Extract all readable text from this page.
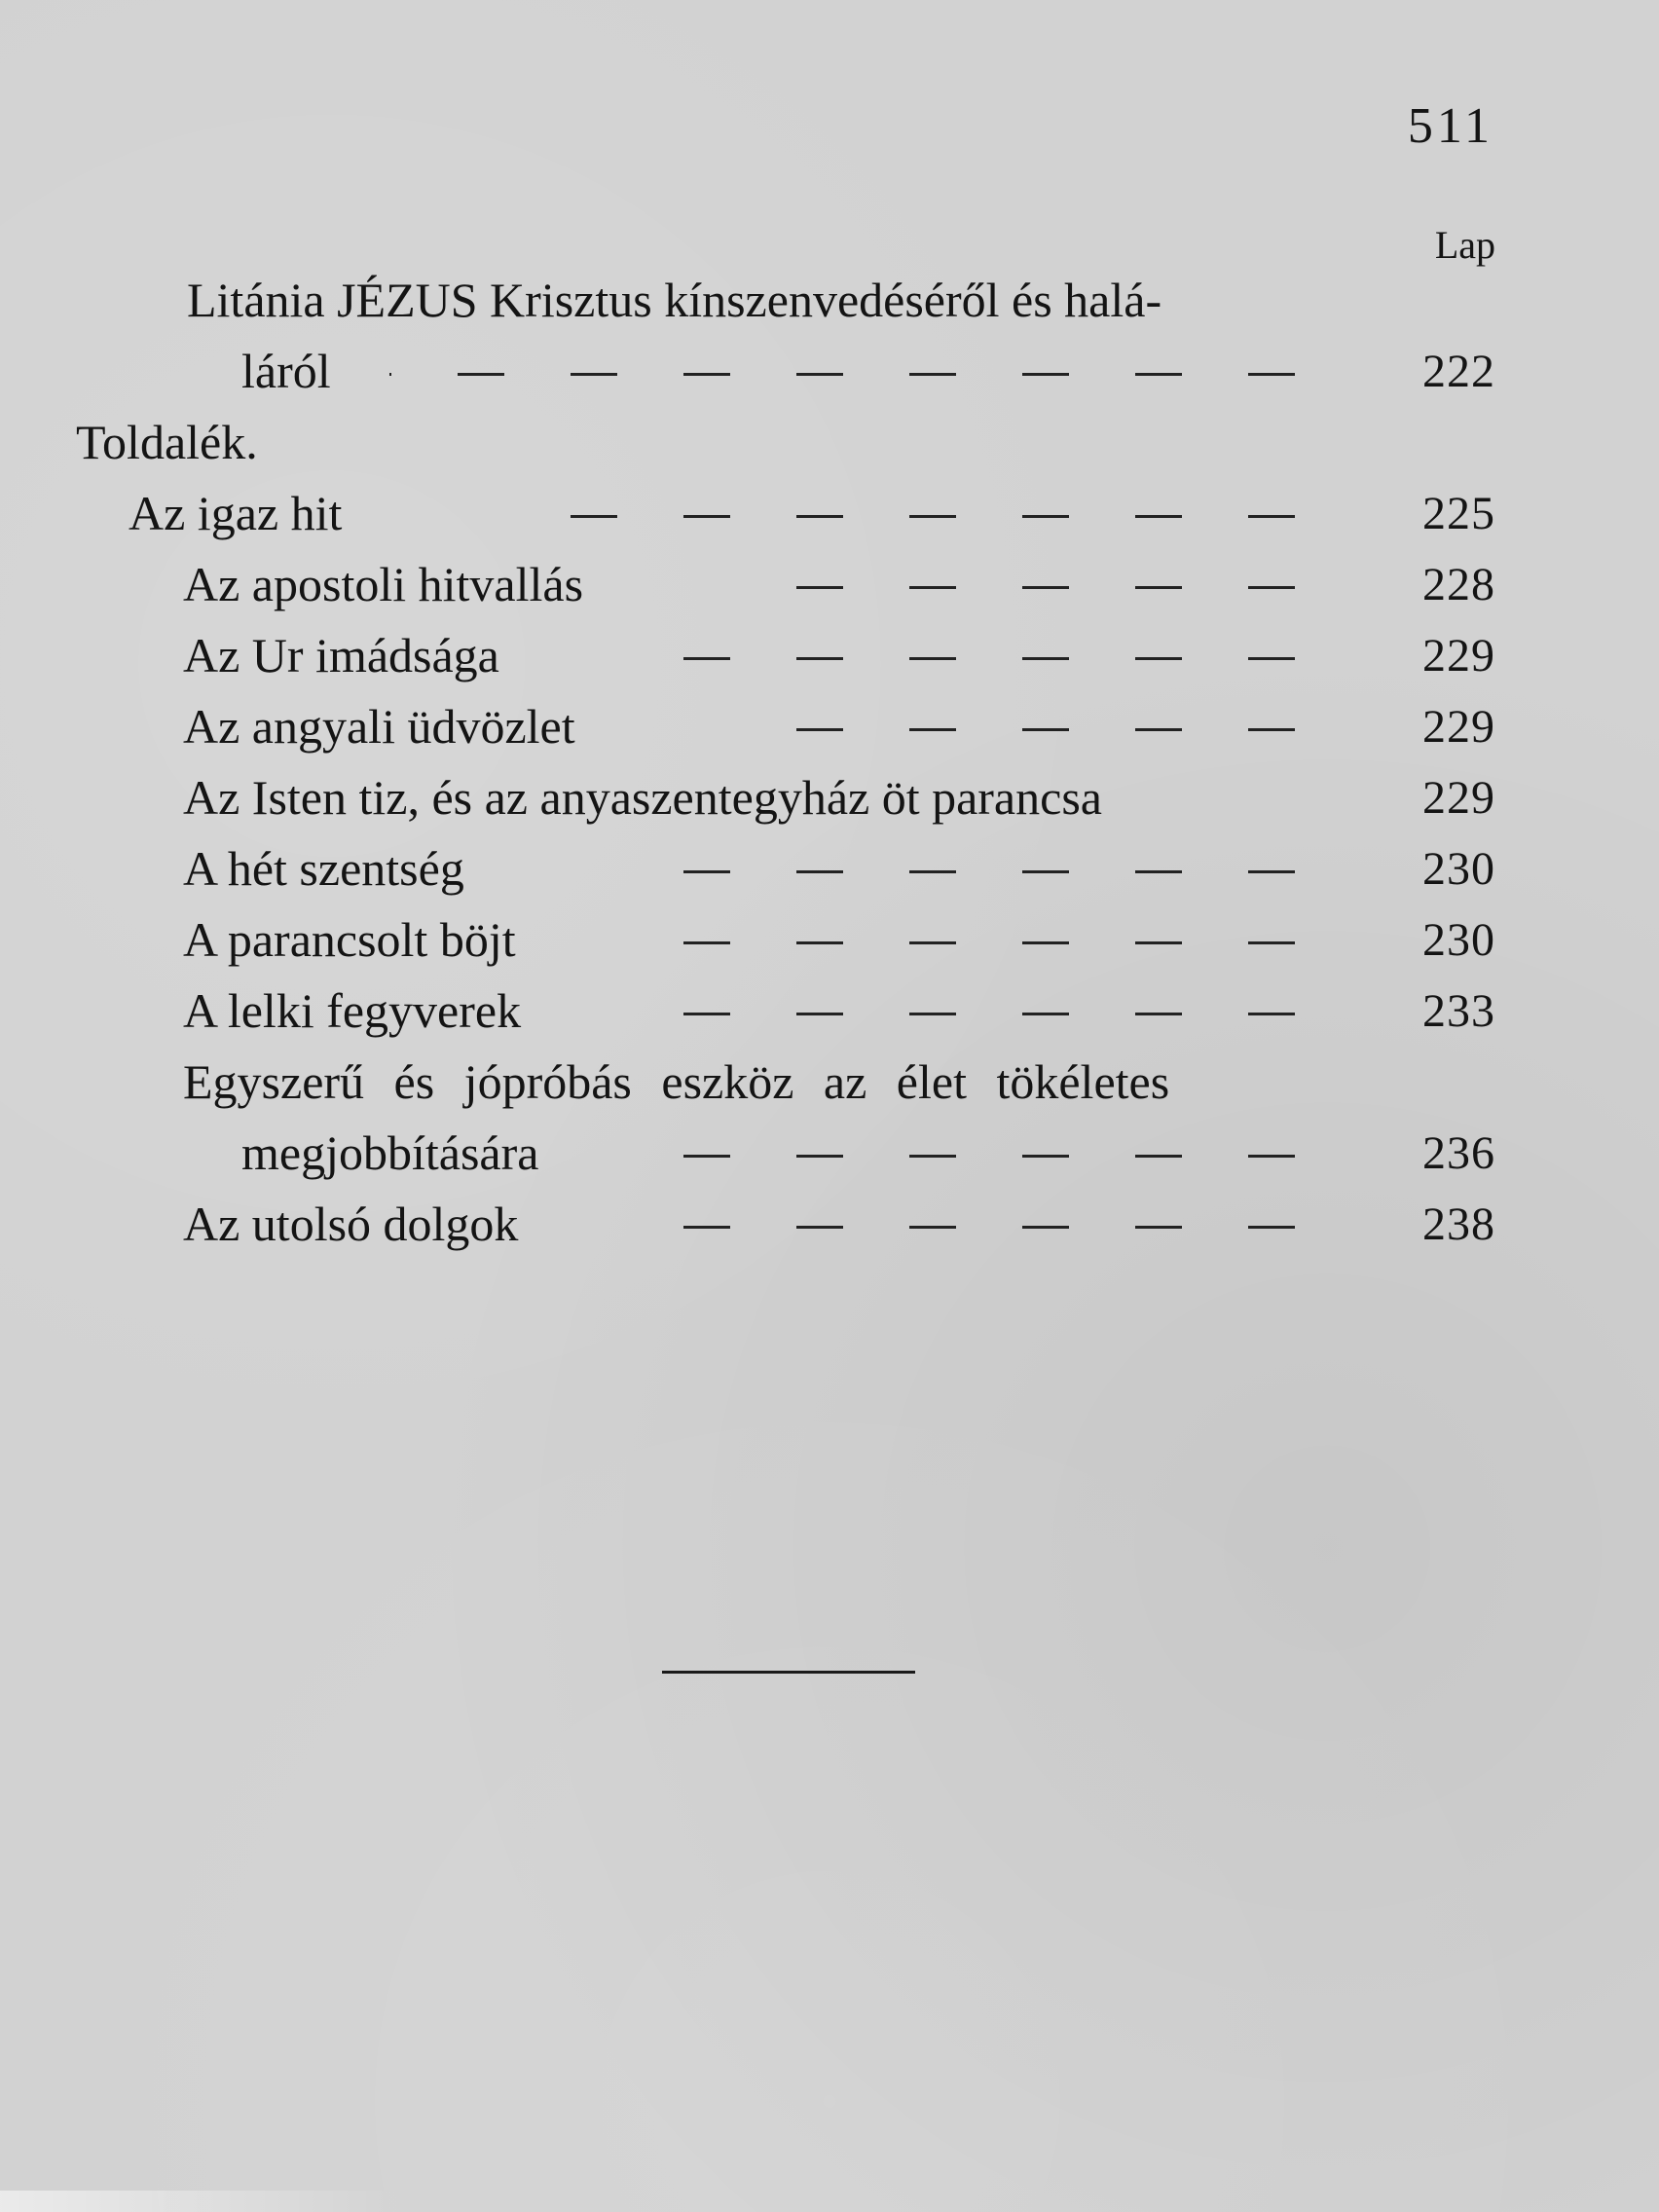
511
Lap
Litánia JÉZUS Krisztus kínszenvedéséről és halá-
láról	222
Toldalék.
Az igaz hit	225
Az apostoli hitvallás	228
Az Ur imádsága	229
Az angyali üdvözlet	229
Az Isten tiz, és az anyaszentegyház öt parancsa	229
A hét szentség	230
A parancsolt böjt	230
A lelki fegyverek	233
Egyszerű és jópróbás eszköz az élet tökéletes
megjobbítására	236
Az utolsó dolgok	238
